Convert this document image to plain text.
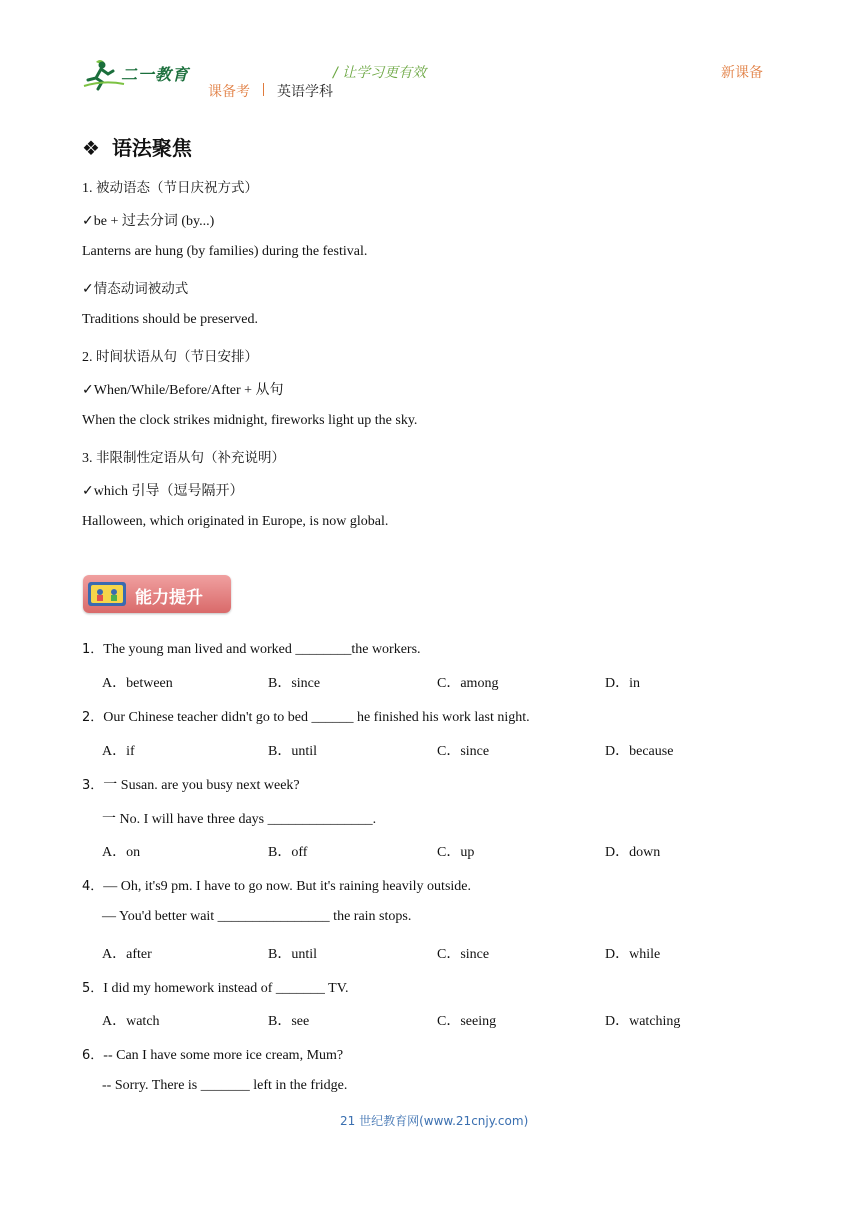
二一教育	/ 让学习更有效	新课备
课备考 英语学科
❖ 语法聚焦
1. 被动语态（节日庆祝方式）
✓be + 过去分词 (by...)
Lanterns are hung (by families) during the festival.
✓情态动词被动式
Traditions should be preserved.
2. 时间状语从句（节日安排）
✓When/While/Before/After + 从句
When the clock strikes midnight, fireworks light up the sky.
3. 非限制性定语从句（补充说明）
✓which 引导（逗号隔开）
Halloween, which originated in Europe, is now global.
能力提升
1．The young man lived and worked ________the workers.
A．between	B．since	C．among	D．in
2．Our Chinese teacher didn't go to bed ______ he finished his work last night.
A．if	B．until	C．since	D．because
3．一 Susan. are you busy next week?
一 No. I will have three days _______________.
A．on	B．off	C．up	D．down
4．— Oh, it's9 pm. I have to go now. But it's raining heavily outside.
— You'd better wait ________________ the rain stops.
A．after	B．until	C．since	D．while
5．I did my homework instead of _______ TV.
A．watch	B．see	C．seeing	D．watching
6．-- Can I have some more ice cream, Mum?
-- Sorry. There is _______ left in the fridge.
21 世纪教育网(www.21cnjy.com)
